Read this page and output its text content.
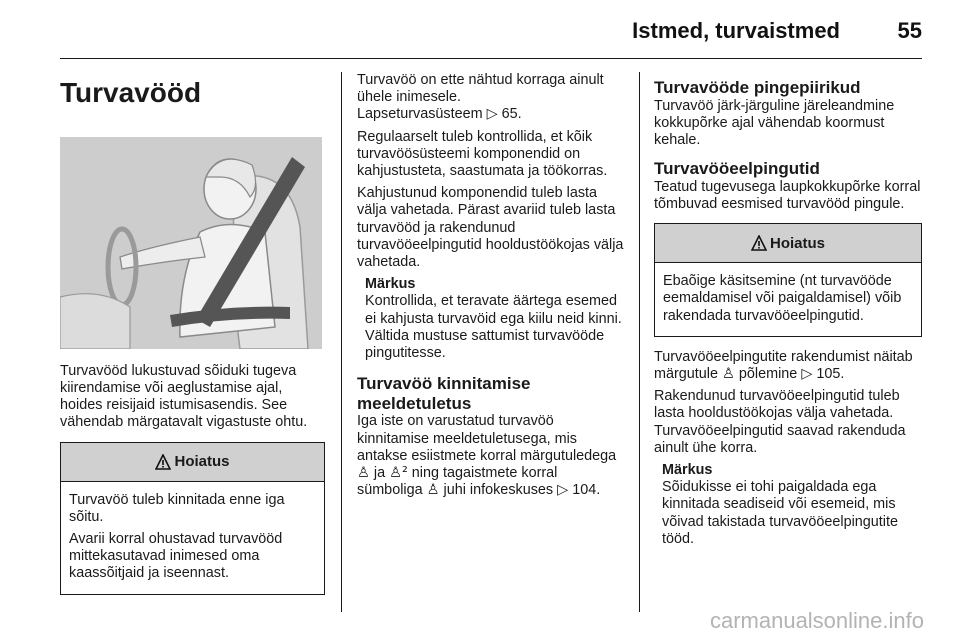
Istmed, turvaistmed	55
Turvavööd

Turvavööd lukustuvad sõiduki tugeva kiirendamise või aeglustamise ajal, hoides reisijaid istumisasendis. See vähendab märgatavalt vigastuste ohtu.

Hoiatus

Turvavöö tuleb kinnitada enne iga sõitu.

Avarii korral ohustavad turvavööd mittekasutavad inimesed oma kaassõitjaid ja iseennast.

Turvavöö on ette nähtud korraga ainult ühele inimesele.

Lapseturvasüsteem ▷ 65.

Regulaarselt tuleb kontrollida, et kõik turvavöösüsteemi komponendid on kahjustusteta, saastumata ja töökorras.

Kahjustunud komponendid tuleb lasta välja vahetada. Pärast avariid tuleb lasta turvavööd ja rakendunud turvavööeelpingutid hooldustöökojas välja vahetada.

Märkus

Kontrollida, et teravate äärtega esemed ei kahjusta turvavöid ega kiilu neid kinni. Vältida mustuse sattumist turvavööde pingutitesse.

Turvavöö kinnitamise meeldetuletus

Iga iste on varustatud turvavöö kinnitamise meeldetuletusega, mis antakse esiistmete korral märgutuledega ♙ ja ♙² ning tagaistmete korral sümboliga ♙ juhi infokeskuses ▷ 104.

Turvavööde pingepiirikud

Turvavöö järk-järguline järeleandmine kokkupõrke ajal vähendab koormust kehale.

Turvavööeelpingutid

Teatud tugevusega laupkokkupõrke korral tõmbuvad eesmised turvavööd pingule.

Hoiatus

Ebaõige käsitsemine (nt turvavööde eemaldamisel või paigaldamisel) võib rakendada turvavööeelpingutid.

Turvavööeelpingutite rakendumist näitab märgutule ♙ põlemine ▷ 105.

Rakendunud turvavööeelpingutid tuleb lasta hooldustöökojas välja vahetada. Turvavööeelpingutid saavad rakenduda ainult ühe korra.

Märkus

Sõidukisse ei tohi paigaldada ega kinnitada seadiseid või esemeid, mis võivad takistada turvavööeelpingutite tööd.

carmanualsonline.info
